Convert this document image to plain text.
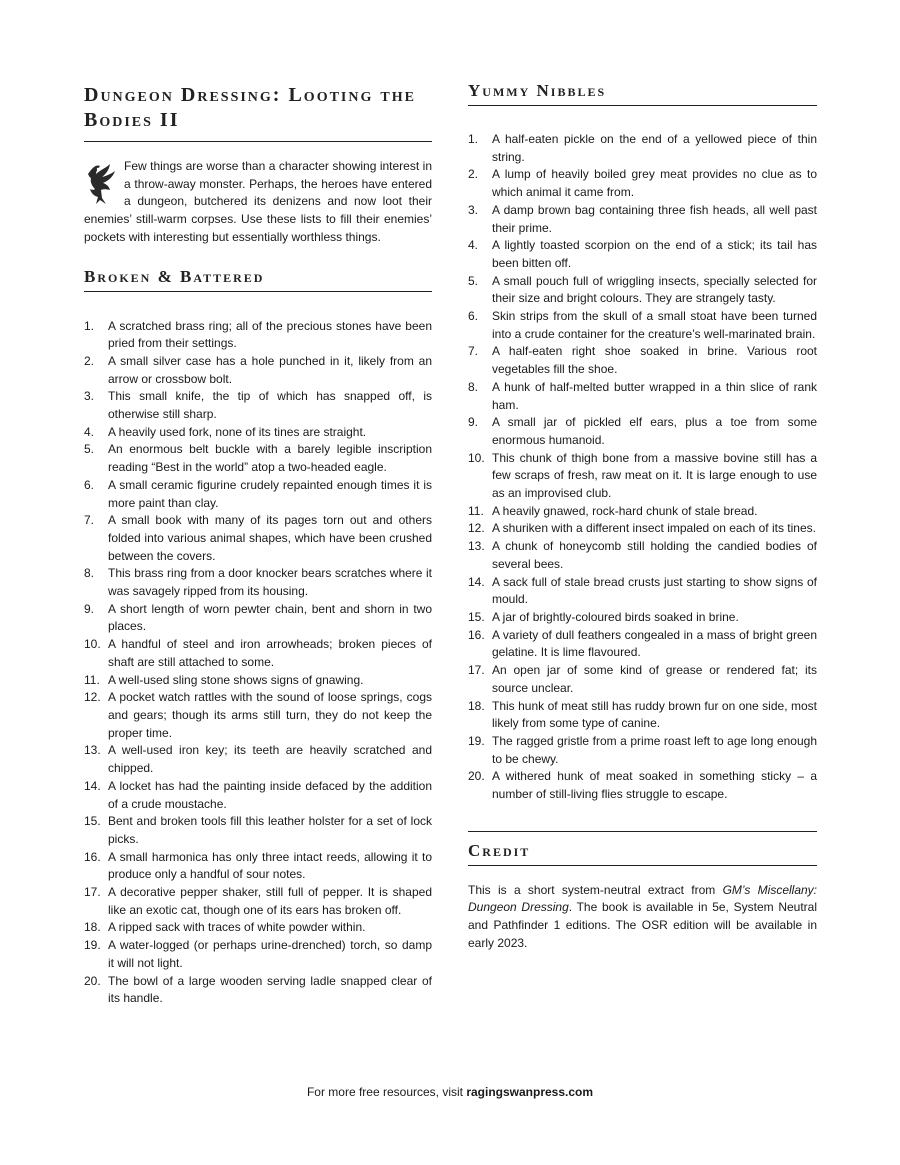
Dungeon Dressing: Looting the Bodies II

Few things are worse than a character showing interest in a throw-away monster. Perhaps, the heroes have entered a dungeon, butchered its denizens and now loot their enemies’ still-warm corpses. Use these lists to fill their enemies’ pockets with interesting but essentially worthless things.

Broken & Battered
1. A scratched brass ring; all of the precious stones have been pried from their settings.
2. A small silver case has a hole punched in it, likely from an arrow or crossbow bolt.
3. This small knife, the tip of which has snapped off, is otherwise still sharp.
4. A heavily used fork, none of its tines are straight.
5. An enormous belt buckle with a barely legible inscription reading “Best in the world” atop a two-headed eagle.
6. A small ceramic figurine crudely repainted enough times it is more paint than clay.
7. A small book with many of its pages torn out and others folded into various animal shapes, which have been crushed between the covers.
8. This brass ring from a door knocker bears scratches where it was savagely ripped from its housing.
9. A short length of worn pewter chain, bent and shorn in two places.
10. A handful of steel and iron arrowheads; broken pieces of shaft are still attached to some.
11. A well-used sling stone shows signs of gnawing.
12. A pocket watch rattles with the sound of loose springs, cogs and gears; though its arms still turn, they do not keep the proper time.
13. A well-used iron key; its teeth are heavily scratched and chipped.
14. A locket has had the painting inside defaced by the addition of a crude moustache.
15. Bent and broken tools fill this leather holster for a set of lock picks.
16. A small harmonica has only three intact reeds, allowing it to produce only a handful of sour notes.
17. A decorative pepper shaker, still full of pepper. It is shaped like an exotic cat, though one of its ears has broken off.
18. A ripped sack with traces of white powder within.
19. A water-logged (or perhaps urine-drenched) torch, so damp it will not light.
20. The bowl of a large wooden serving ladle snapped clear of its handle.
Yummy Nibbles
1. A half-eaten pickle on the end of a yellowed piece of thin string.
2. A lump of heavily boiled grey meat provides no clue as to which animal it came from.
3. A damp brown bag containing three fish heads, all well past their prime.
4. A lightly toasted scorpion on the end of a stick; its tail has been bitten off.
5. A small pouch full of wriggling insects, specially selected for their size and bright colours. They are strangely tasty.
6. Skin strips from the skull of a small stoat have been turned into a crude container for the creature’s well-marinated brain.
7. A half-eaten right shoe soaked in brine. Various root vegetables fill the shoe.
8. A hunk of half-melted butter wrapped in a thin slice of rank ham.
9. A small jar of pickled elf ears, plus a toe from some enormous humanoid.
10. This chunk of thigh bone from a massive bovine still has a few scraps of fresh, raw meat on it. It is large enough to use as an improvised club.
11. A heavily gnawed, rock-hard chunk of stale bread.
12. A shuriken with a different insect impaled on each of its tines.
13. A chunk of honeycomb still holding the candied bodies of several bees.
14. A sack full of stale bread crusts just starting to show signs of mould.
15. A jar of brightly-coloured birds soaked in brine.
16. A variety of dull feathers congealed in a mass of bright green gelatine. It is lime flavoured.
17. An open jar of some kind of grease or rendered fat; its source unclear.
18. This hunk of meat still has ruddy brown fur on one side, most likely from some type of canine.
19. The ragged gristle from a prime roast left to age long enough to be chewy.
20. A withered hunk of meat soaked in something sticky – a number of still-living flies struggle to escape.
Credit

This is a short system-neutral extract from GM’s Miscellany: Dungeon Dressing. The book is available in 5e, System Neutral and Pathfinder 1 editions. The OSR edition will be available in early 2023.

For more free resources, visit ragingswanpress.com
